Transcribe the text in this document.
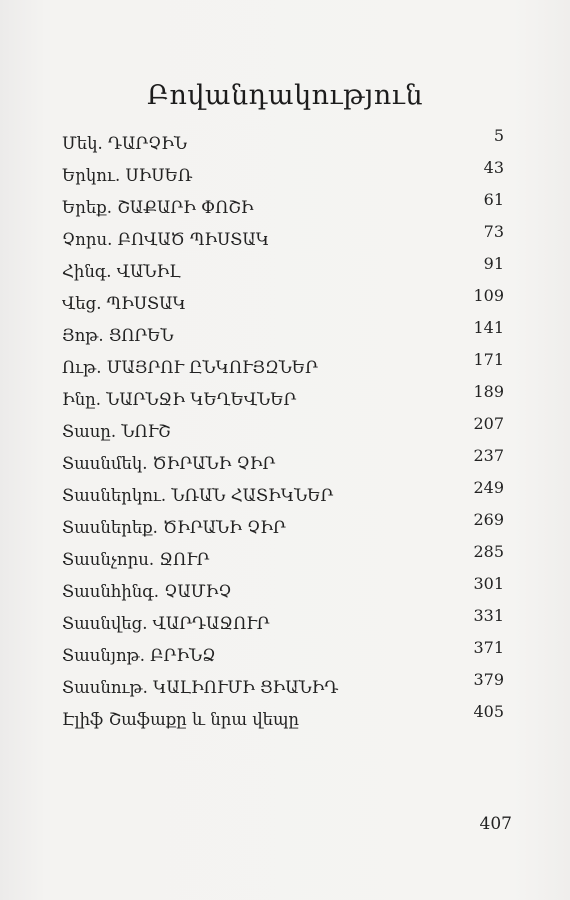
Բովանդակություն
Մեկ. ԴԱՐՉԻՆ	5
Երկու. ՍԻՍԵՌ	43
Երեք. ՇԱՔԱՐԻ ՓՈՇԻ	61
Չորս. ԲՈՎԱԾ ՊԻՍՏԱԿ	73
Հինգ. ՎԱՆԻԼ	91
Վեց. ՊԻՍՏԱԿ	109
Յոթ. ՑՈՐԵՆ	141
Ութ. ՄԱՅՐՈՒ ԸՆԿՈՒՅԶՆԵՐ	171
Ինը. ՆԱՐՆՋԻ ԿԵՂԵՎՆԵՐ	189
Տասը. ՆՈՒՇ	207
Տասնմեկ. ԾԻՐԱՆԻ ՉԻՐ	237
Տասներկու. ՆՌԱՆ ՀԱՏԻԿՆԵՐ	249
Տասներեք. ԾԻՐԱՆԻ ՉԻՐ	269
Տասնչորս. ՋՈՒՐ	285
Տասնհինգ. ՉԱՄԻՉ	301
Տասնվեց. ՎԱՐԴԱՋՈՒՐ	331
Տասնյոթ. ԲՐԻՆՁ	371
Տասնութ. ԿԱԼԻՈՒՄԻ ՑԻԱՆԻԴ	379
Էլիֆ Շաֆաքը և նրա վեպը	405
407
